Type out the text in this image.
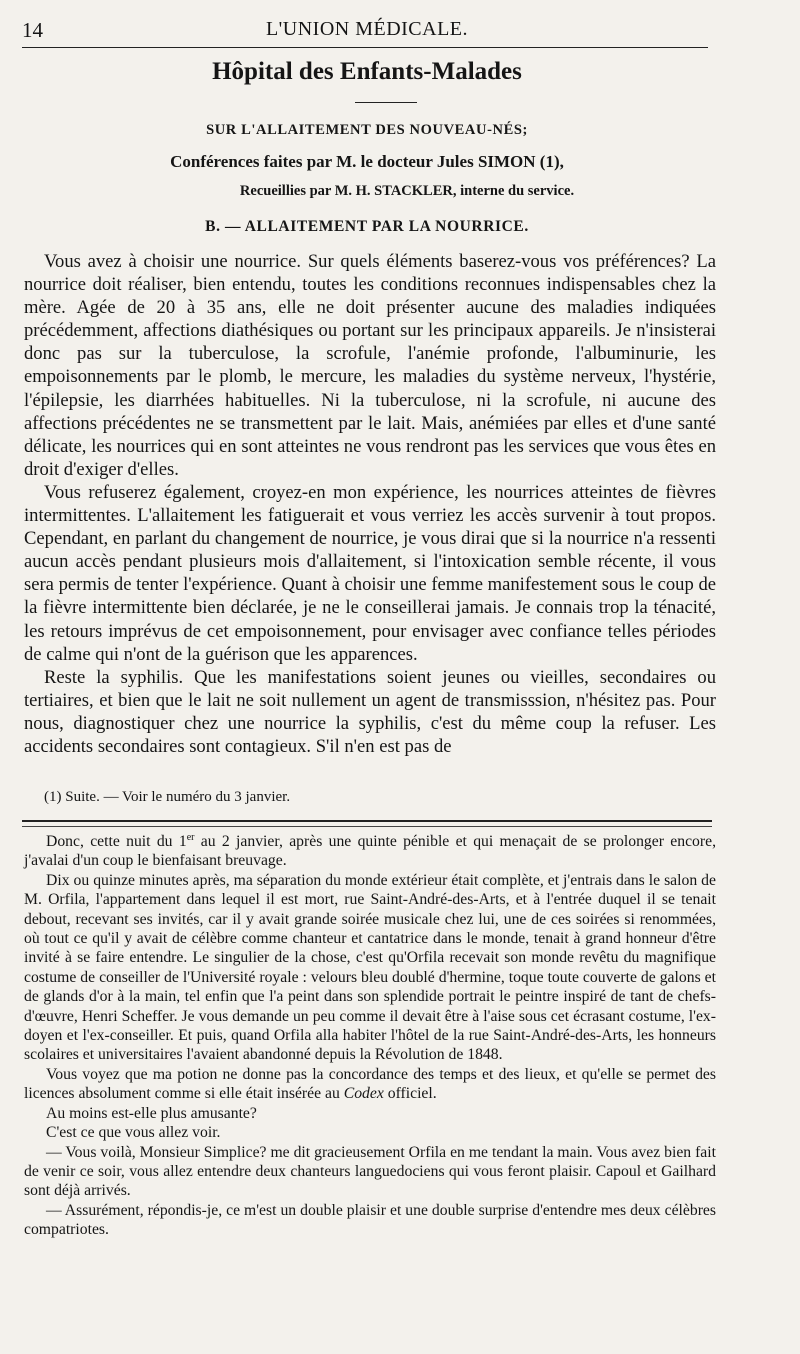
14	L'UNION MÉDICALE.
Hôpital des Enfants-Malades
SUR L'ALLAITEMENT DES NOUVEAU-NÉS;
Conférences faites par M. le docteur Jules SIMON (1),
Recueillies par M. H. STACKLER, interne du service.
B. — ALLAITEMENT PAR LA NOURRICE.

Vous avez à choisir une nourrice. Sur quels éléments baserez-vous vos préférences? La nourrice doit réaliser, bien entendu, toutes les conditions reconnues indispensables chez la mère. Agée de 20 à 35 ans, elle ne doit présenter aucune des maladies indiquées précédemment, affections diathésiques ou portant sur les principaux appareils. Je n'insisterai donc pas sur la tuberculose, la scrofule, l'anémie profonde, l'albuminurie, les empoisonnements par le plomb, le mercure, les maladies du système nerveux, l'hystérie, l'épilepsie, les diarrhées habituelles. Ni la tuberculose, ni la scrofule, ni aucune des affections précédentes ne se transmettent par le lait. Mais, anémiées par elles et d'une santé délicate, les nourrices qui en sont atteintes ne vous rendront pas les services que vous êtes en droit d'exiger d'elles.

Vous refuserez également, croyez-en mon expérience, les nourrices atteintes de fièvres intermittentes. L'allaitement les fatiguerait et vous verriez les accès survenir à tout propos. Cependant, en parlant du changement de nourrice, je vous dirai que si la nourrice n'a ressenti aucun accès pendant plusieurs mois d'allaitement, si l'intoxication semble récente, il vous sera permis de tenter l'expérience. Quant à choisir une femme manifestement sous le coup de la fièvre intermittente bien déclarée, je ne le conseillerai jamais. Je connais trop la ténacité, les retours imprévus de cet empoisonnement, pour envisager avec confiance telles périodes de calme qui n'ont de la guérison que les apparences.

Reste la syphilis. Que les manifestations soient jeunes ou vieilles, secondaires ou tertiaires, et bien que le lait ne soit nullement un agent de transmisssion, n'hésitez pas. Pour nous, diagnostiquer chez une nourrice la syphilis, c'est du même coup la refuser. Les accidents secondaires sont contagieux. S'il n'en est pas de

(1) Suite. — Voir le numéro du 3 janvier.

Donc, cette nuit du 1er au 2 janvier, après une quinte pénible et qui menaçait de se prolonger encore, j'avalai d'un coup le bienfaisant breuvage.

Dix ou quinze minutes après, ma séparation du monde extérieur était complète, et j'entrais dans le salon de M. Orfila, l'appartement dans lequel il est mort, rue Saint-André-des-Arts, et à l'entrée duquel il se tenait debout, recevant ses invités, car il y avait grande soirée musicale chez lui, une de ces soirées si renommées, où tout ce qu'il y avait de célèbre comme chanteur et cantatrice dans le monde, tenait à grand honneur d'être invité à se faire entendre. Le singulier de la chose, c'est qu'Orfila recevait son monde revêtu du magnifique costume de conseiller de l'Université royale : velours bleu doublé d'hermine, toque toute couverte de galons et de glands d'or à la main, tel enfin que l'a peint dans son splendide portrait le peintre inspiré de tant de chefs-d'œuvre, Henri Scheffer. Je vous demande un peu comme il devait être à l'aise sous cet écrasant costume, l'ex-doyen et l'ex-conseiller. Et puis, quand Orfila alla habiter l'hôtel de la rue Saint-André-des-Arts, les honneurs scolaires et universitaires l'avaient abandonné depuis la Révolution de 1848.

Vous voyez que ma potion ne donne pas la concordance des temps et des lieux, et qu'elle se permet des licences absolument comme si elle était insérée au Codex officiel.

Au moins est-elle plus amusante?

C'est ce que vous allez voir.

— Vous voilà, Monsieur Simplice? me dit gracieusement Orfila en me tendant la main. Vous avez bien fait de venir ce soir, vous allez entendre deux chanteurs languedociens qui vous feront plaisir. Capoul et Gailhard sont déjà arrivés.

— Assurément, répondis-je, ce m'est un double plaisir et une double surprise d'entendre mes deux célèbres compatriotes.
